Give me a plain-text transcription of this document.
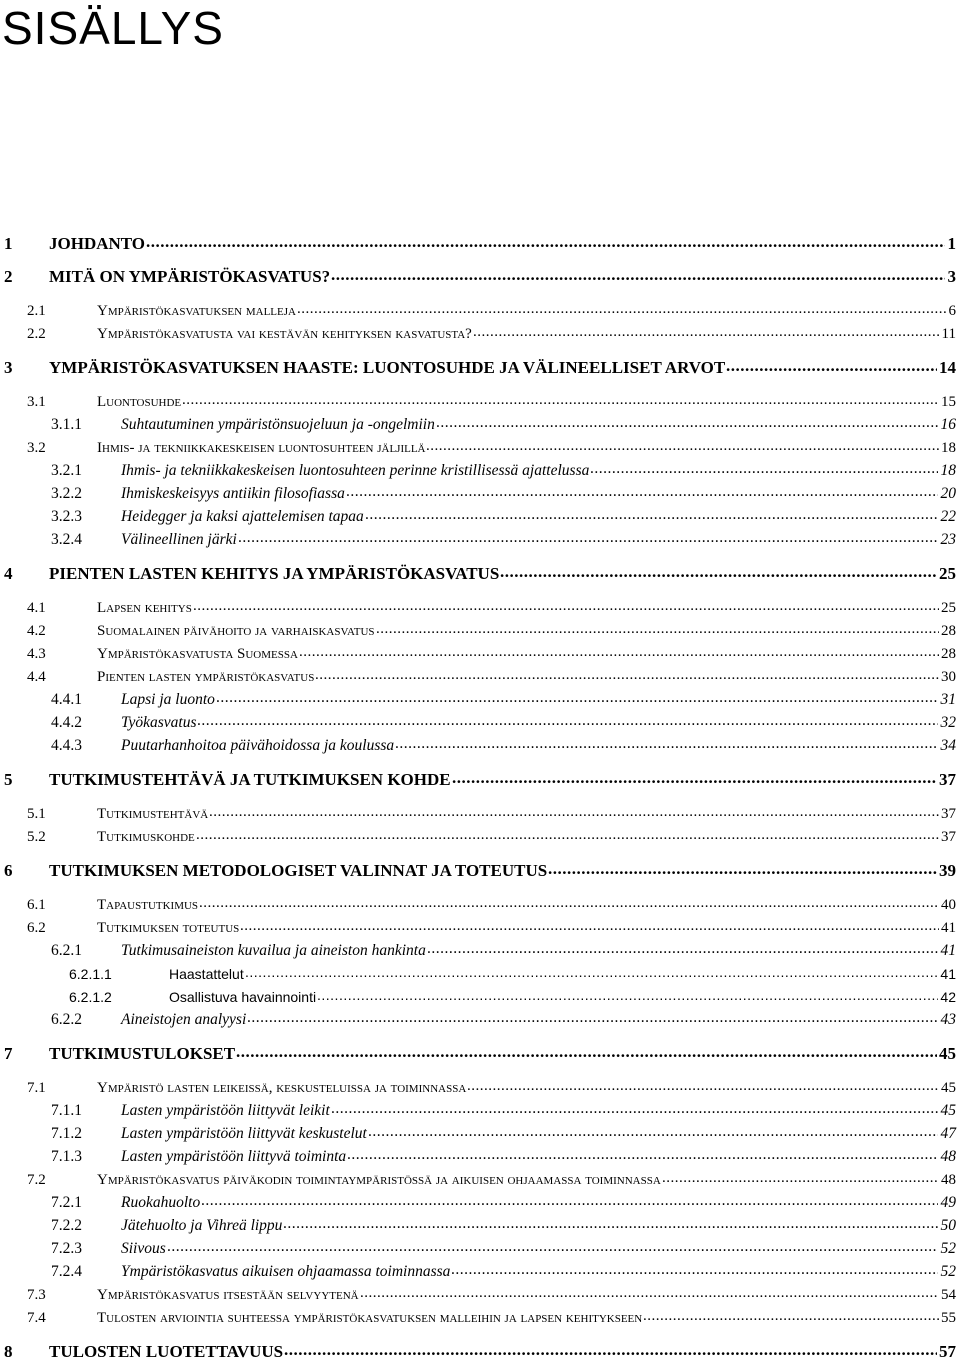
SISÄLLYS
1 JOHDANTO .....	1
2 MITÄ ON YMPÄRISTÖKASVATUS? .....	3
2.1	Ympäristökasvatuksen malleja .....	6
2.2	Ympäristökasvatusta vai kestävän kehityksen kasvatusta? .....	11
3 YMPÄRISTÖKASVATUKSEN HAASTE: LUONTOSUHDE JA VÄLINEELLISET ARVOT .....	14
3.1	Luontosuhde .....	15
3.1.1	Suhtautuminen ympäristönsuojeluun ja -ongelmiin .....	16
3.2	Ihmis- ja tekniikkakeskeisen luontosuhteen jäljillä .....	18
3.2.1	Ihmis- ja tekniikkakeskeisen luontosuhteen perinne kristillisessä ajattelussa .....	18
3.2.2	Ihmiskeskeisyys antiikin filosofiassa .....	20
3.2.3	Heidegger ja kaksi ajattelemisen tapaa .....	22
3.2.4	Välineellinen järki .....	23
4 PIENTEN LASTEN KEHITYS JA YMPÄRISTÖKASVATUS .....	25
4.1	Lapsen kehitys .....	25
4.2	Suomalainen päivähoito ja varhaiskasvatus .....	28
4.3	Ympäristökasvatusta Suomessa .....	28
4.4	Pienten lasten ympäristökasvatus .....	30
4.4.1	Lapsi ja luonto .....	31
4.4.2	Työkasvatus .....	32
4.4.3	Puutarhanhoitoa päivähoidossa ja koulussa .....	34
5 TUTKIMUSTEHTÄVÄ JA TUTKIMUKSEN KOHDE .....	37
5.1	Tutkimustehtävä .....	37
5.2	Tutkimuskohde .....	37
6 TUTKIMUKSEN METODOLOGISET VALINNAT JA TOTEUTUS .....	39
6.1	Tapaustutkimus .....	40
6.2	Tutkimuksen toteutus .....	41
6.2.1	Tutkimusaineiston kuvailua ja aineiston hankinta .....	41
6.2.1.1	Haastattelut .....	41
6.2.1.2	Osallistuva havainnointi .....	42
6.2.2	Aineistojen analyysi .....	43
7 TUTKIMUSTULOKSET .....	45
7.1	Ympäristö lasten leikeissä, keskusteluissa ja toiminnassa .....	45
7.1.1	Lasten ympäristöön liittyvät leikit .....	45
7.1.2	Lasten ympäristöön liittyvät keskustelut .....	47
7.1.3	Lasten ympäristöön liittyvä toiminta .....	48
7.2	Ympäristökasvatus päiväkodin toimintaympäristössä ja aikuisen ohjaamassa toiminnassa .....	48
7.2.1	Ruokahuolto .....	49
7.2.2	Jätehuolto ja Vihreä lippu .....	50
7.2.3	Siivous .....	52
7.2.4	Ympäristökasvatus aikuisen ohjaamassa toiminnassa .....	52
7.3	Ympäristökasvatus itsestään selvyytenä .....	54
7.4	Tulosten arviointia suhteessa ympäristökasvatuksen malleihin ja lapsen kehitykseen .....	55
8 TULOSTEN LUOTETTAVUUS .....	57
